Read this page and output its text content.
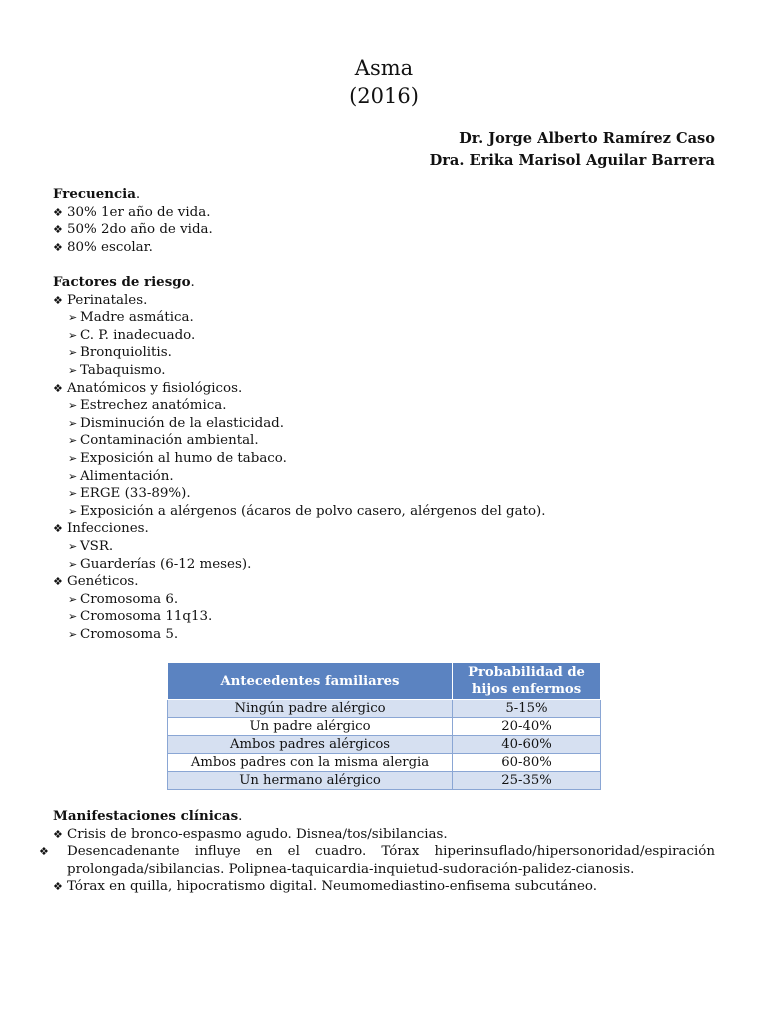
Asma
(2016)
Dr. Jorge Alberto Ramírez Caso
Dra. Erika Marisol Aguilar Barrera
Frecuencia.
❖ 30% 1er año de vida.
❖ 50% 2do año de vida.
❖ 80% escolar.
Factores de riesgo.
❖ Perinatales.
➢ Madre asmática.
➢ C. P. inadecuado.
➢ Bronquiolitis.
➢ Tabaquismo.
❖ Anatómicos y fisiológicos.
➢ Estrechez anatómica.
➢ Disminución de la elasticidad.
➢ Contaminación ambiental.
➢ Exposición al humo de tabaco.
➢ Alimentación.
➢ ERGE (33-89%).
➢ Exposición a alérgenos (ácaros de polvo casero, alérgenos del gato).
❖ Infecciones.
➢ VSR.
➢ Guarderías (6-12 meses).
❖ Genéticos.
➢ Cromosoma 6.
➢ Cromosoma 11q13.
➢ Cromosoma 5.
Antecedentes familiares	Probabilidad de hijos enfermos
Ningún padre alérgico	5-15%
Un padre alérgico	20-40%
Ambos padres alérgicos	40-60%
Ambos padres con la misma alergia	60-80%
Un hermano alérgico	25-35%
Manifestaciones clínicas.
❖ Crisis de bronco-espasmo agudo. Disnea/tos/sibilancias.
❖ Desencadenante influye en el cuadro. Tórax hiperinsuflado/hipersonoridad/espiración prolongada/sibilancias. Polipnea-taquicardia-inquietud-sudoración-palidez-cianosis.
❖ Tórax en quilla, hipocratismo digital. Neumomediastino-enfisema subcutáneo.
